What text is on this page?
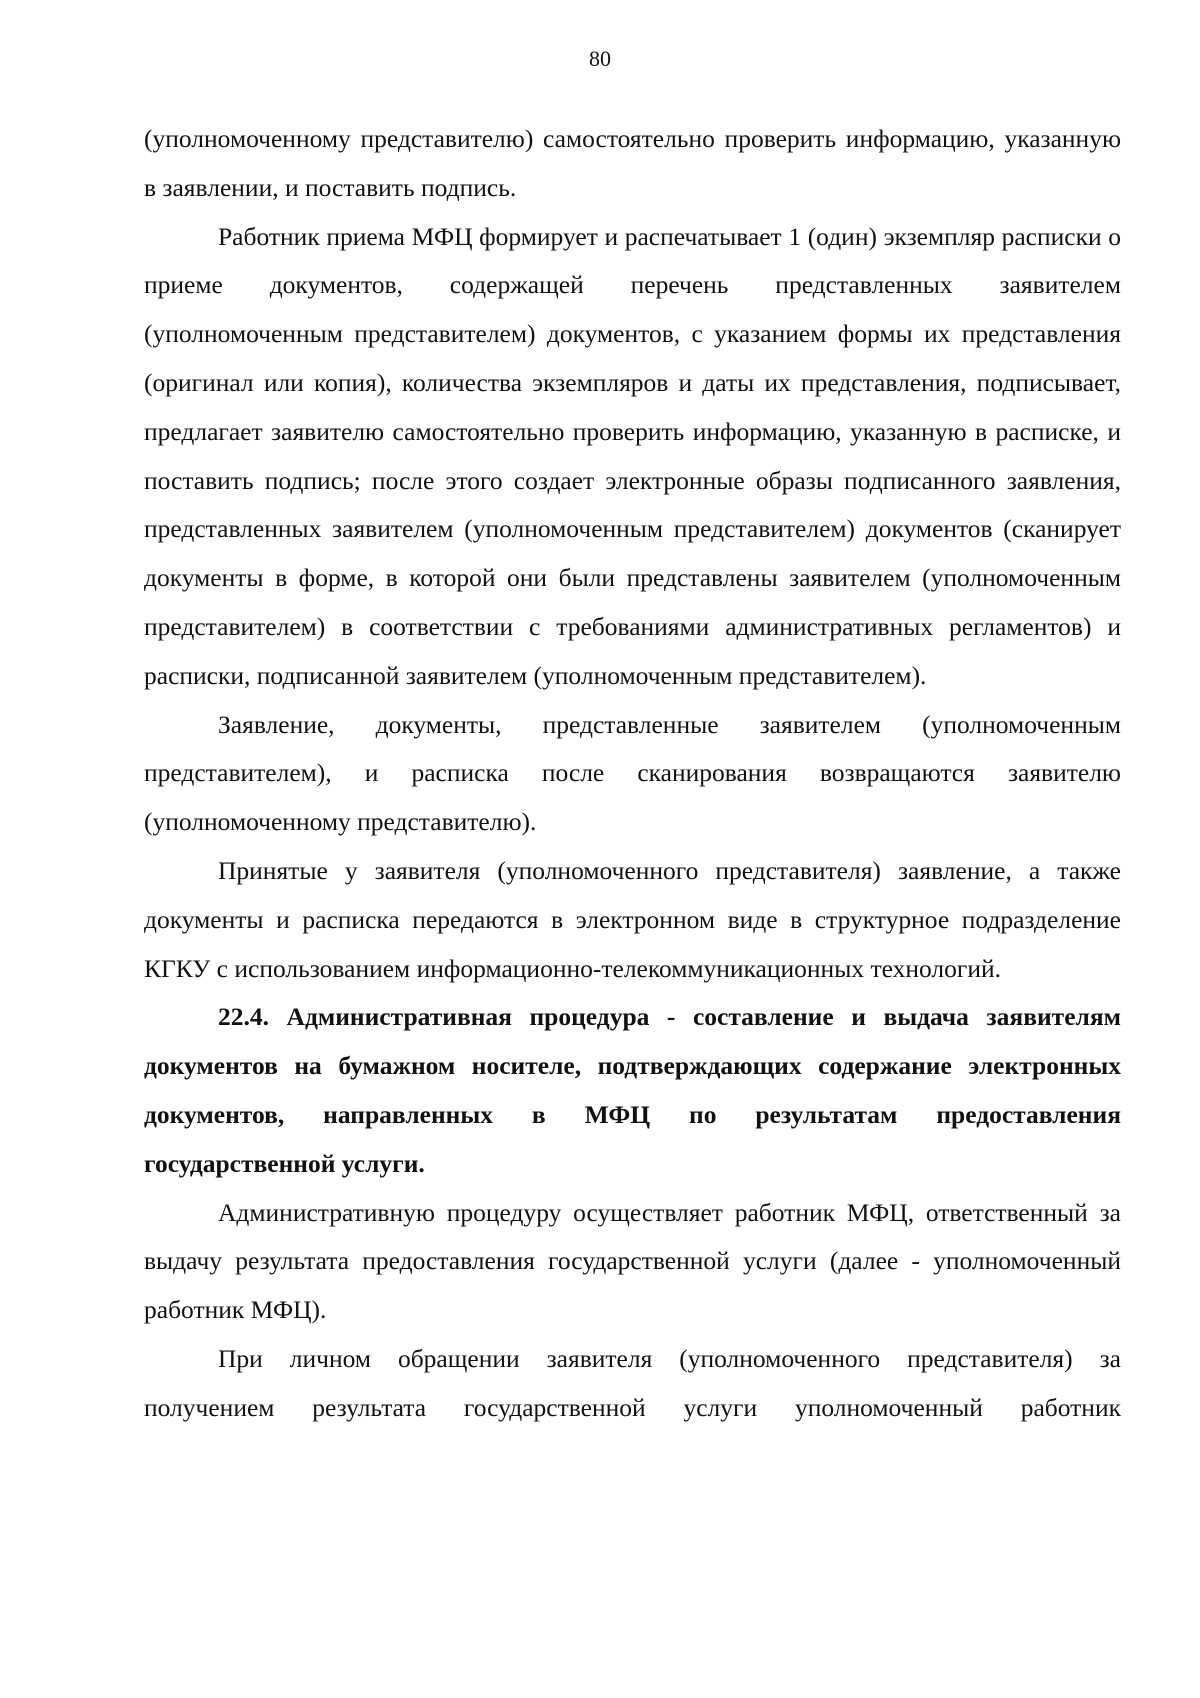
80

(уполномоченному представителю) самостоятельно проверить информацию, указанную в заявлении, и поставить подпись.

Работник приема МФЦ формирует и распечатывает 1 (один) экземпляр расписки о приеме документов, содержащей перечень представленных заявителем (уполномоченным представителем) документов, с указанием формы их представления (оригинал или копия), количества экземпляров и даты их представления, подписывает, предлагает заявителю самостоятельно проверить информацию, указанную в расписке, и поставить подпись; после этого создает электронные образы подписанного заявления, представленных заявителем (уполномоченным представителем) документов (сканирует документы в форме, в которой они были представлены заявителем (уполномоченным представителем) в соответствии с требованиями административных регламентов) и расписки, подписанной заявителем (уполномоченным представителем).

Заявление, документы, представленные заявителем (уполномоченным представителем), и расписка после сканирования возвращаются заявителю (уполномоченному представителю).

Принятые у заявителя (уполномоченного представителя) заявление, а также документы и расписка передаются в электронном виде в структурное подразделение КГКУ с использованием информационно-телекоммуникационных технологий.

22.4. Административная процедура - составление и выдача заявителям документов на бумажном носителе, подтверждающих содержание электронных документов, направленных в МФЦ по результатам предоставления государственной услуги.

Административную процедуру осуществляет работник МФЦ, ответственный за выдачу результата предоставления государственной услуги (далее - уполномоченный работник МФЦ).

При личном обращении заявителя (уполномоченного представителя) за получением результата государственной услуги уполномоченный работник
